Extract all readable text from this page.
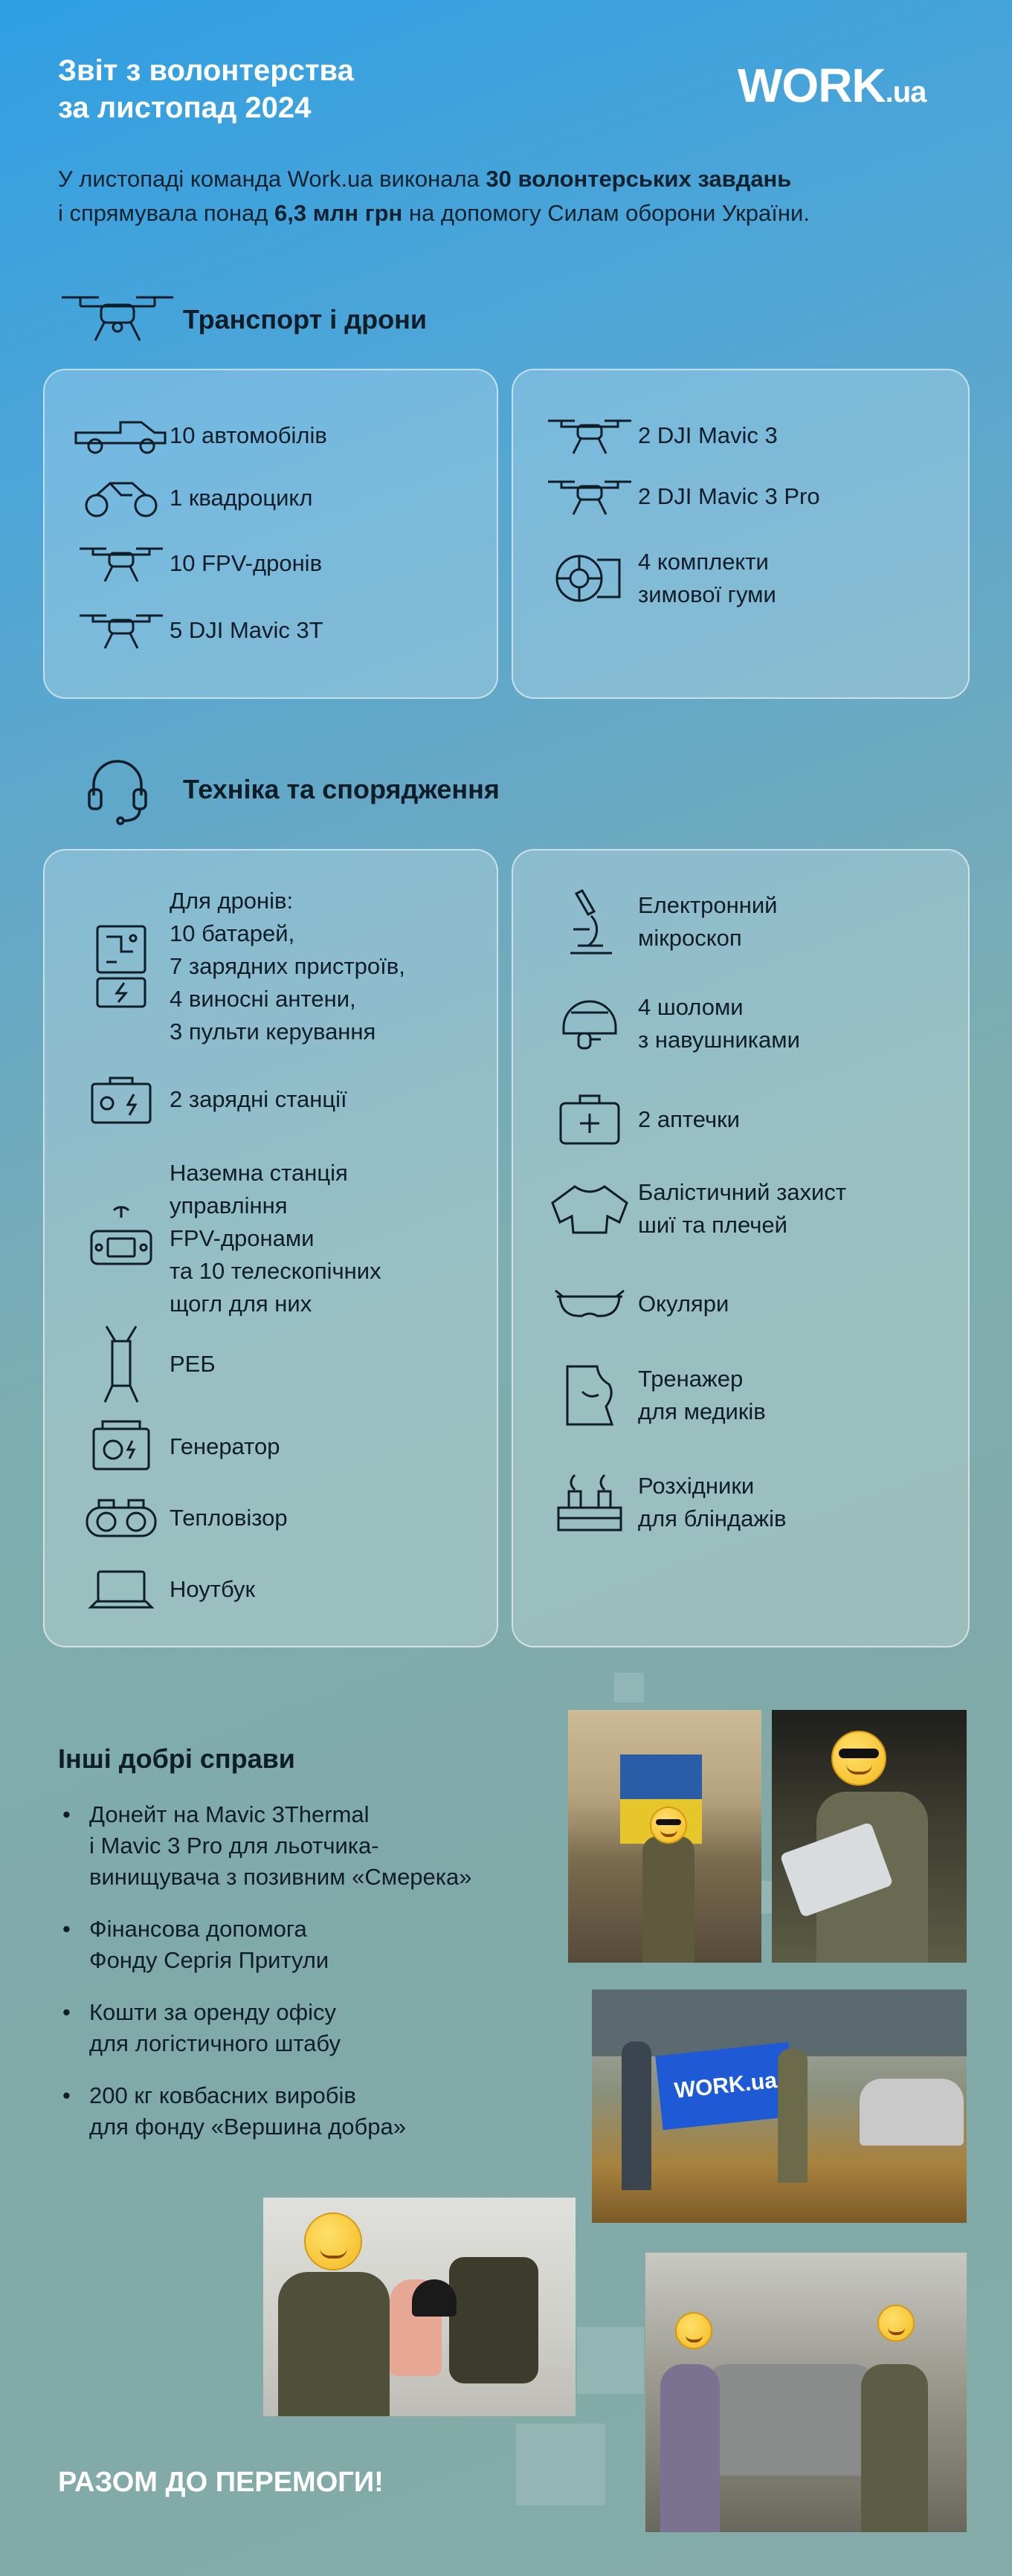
Звіт з волонтерства
за листопад 2024	WORK.ua
У листопаді команда Work.ua виконала 30 волонтерських завдань
і спрямувала понад 6,3 млн грн на допомогу Силам оборони України.
Транспорт і дрони
10 автомобілів
1 квадроцикл
10 FPV-дронів
5 DJI Mavic 3T
2 DJI Mavic 3
2 DJI Mavic 3 Pro
4 комплекти
зимової гуми
Техніка та спорядження
Для дронів:
10 батарей,
7 зарядних пристроїв,
4 виносні антени,
3 пульти керування
2 зарядні станції
Наземна станція
управління
FPV-дронами
та 10 телескопічних
щогл для них
РЕБ
Генератор
Тепловізор
Ноутбук
Електронний
мікроскоп
4 шоломи
з навушниками
2 аптечки
Балістичний захист
шиї та плечей
Окуляри
Тренажер
для медиків
Розхідники
для бліндажів
Інші добрі справи
• Донейт на Mavic 3Thermal
і Mavic 3 Pro для льотчика-
винищувача з позивним «Смерека»
• Фінансова допомога
Фонду Сергія Притули
• Кошти за оренду офісу
для логістичного штабу
• 200 кг ковбасних виробів
для фонду «Вершина добра»
WORK.ua
РАЗОМ ДО ПЕРЕМОГИ!
